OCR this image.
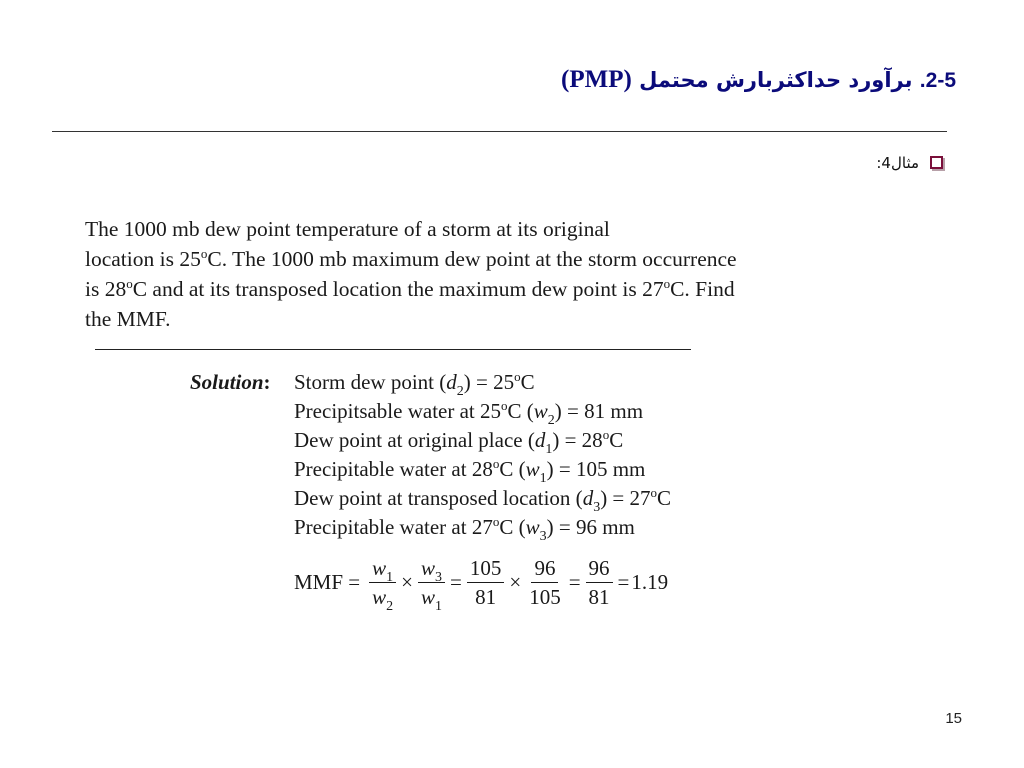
2-5. برآورد حداکثربارش محتمل (PMP)
مثال4:
The 1000 mb dew point temperature of a storm at its original
location is 25$^o$C. The 1000 mb maximum dew point at the storm occurrence
is 28$^o$C and at its transposed location the maximum dew point is 27$^o$C. Find
the MMF.
Solution: Storm dew point $(d_2) = 25^oC$
Precipitsable water at 25$^o$C $(w_2) = 81$ mm
Dew point at original place $(d_1) = 28^oC$
Precipitable water at 28$^o$C $(w_1) = 105$ mm
Dew point at transposed location $(d_3) = 27^oC$
Precipitable water at 27$^o$C $(w_3) = 96$ mm
MMF = $\frac{w_1}{w_2} \times \frac{w_3}{w_1} = \frac{105}{81} \times \frac{96}{105} = \frac{96}{81} = 1.19$
15
